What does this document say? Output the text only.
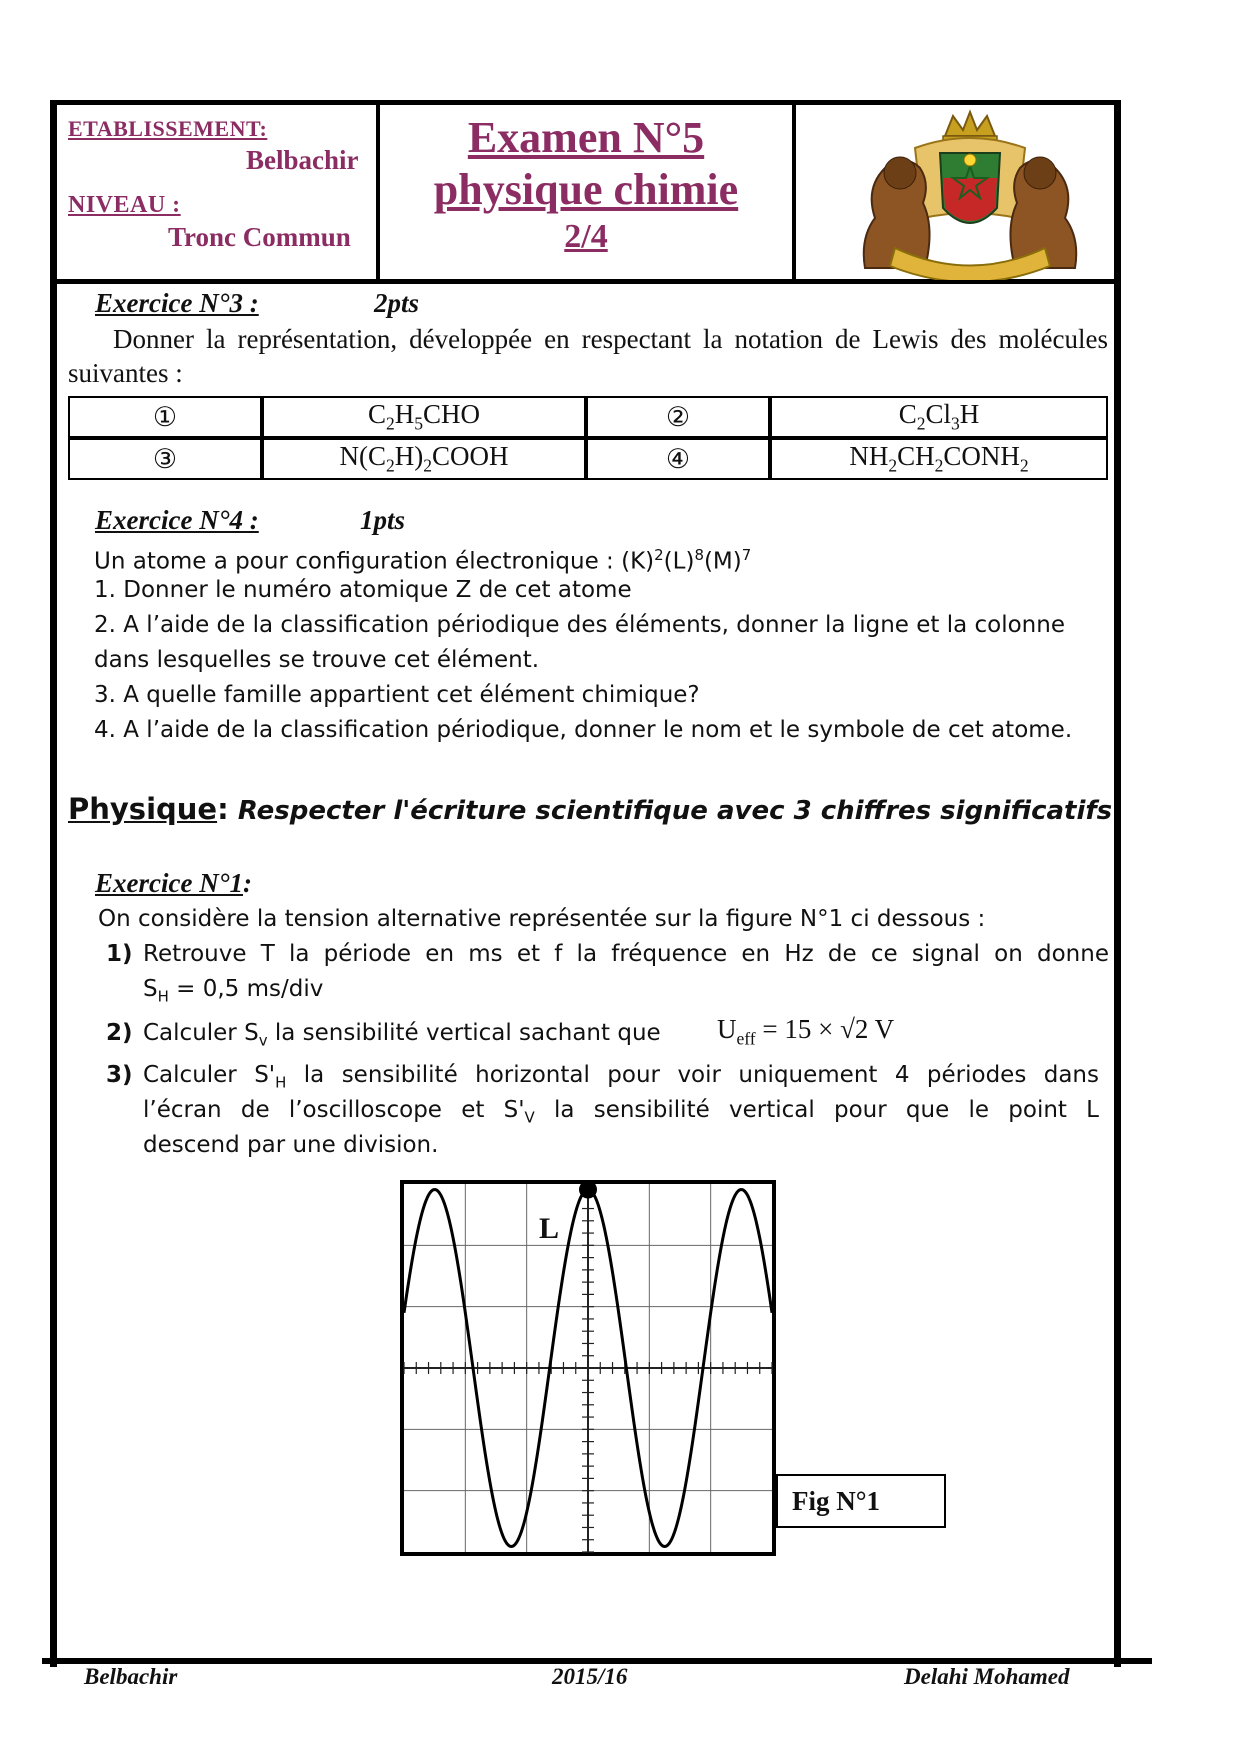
ETABLISSEMENT:
Belbachir
NIVEAU :
Tronc Commun
Examen N°5
physique chimie
2/4
Exercice N°3 :	2pts
Donner la représentation, développée en respectant la notation de Lewis des molécules suivantes :
①	$C_2H_5CHO$	②	$C_2Cl_3H$
③	$N(C_2H)_2COOH$	④	$NH_2CH_2CONH_2$
Exercice N°4 :	1pts
Un atome a pour configuration électronique : $(K)^2(L)^8(M)^7$
1. Donner le numéro atomique Z de cet atome
2. A l’aide de la classification périodique des éléments, donner la ligne et la colonne
dans lesquelles se trouve cet élément.
3. A quelle famille appartient cet élément chimique?
4. A l’aide de la classification périodique, donner le nom et le symbole de cet atome.
Physique: Respecter l'écriture scientifique avec 3 chiffres significatifs
Exercice N°1:
On considère la tension alternative représentée sur la figure N°1 ci dessous :
1) Retrouve T la période en ms et f la fréquence en Hz de ce signal on donne
$S_H = 0,5$ ms/div
2) Calculer $S_v$ la sensibilité vertical sachant que $U_{eff} = 15 \times √2$ V
3) Calculer $S'_H$ la sensibilité horizontal pour voir uniquement 4 périodes dans
l’écran de l’oscilloscope et $S'_V$ la sensibilité vertical pour que le point L
descend par une division.
L
Fig N°1
Belbachir	2015/16	Delahi Mohamed
